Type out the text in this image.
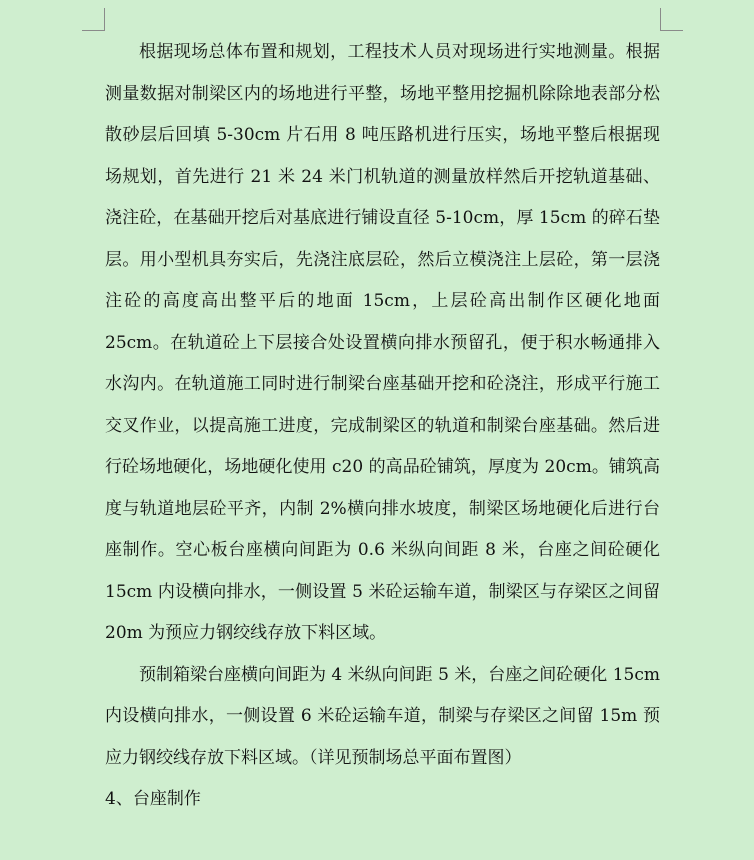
根据现场总体布置和规划，工程技术人员对现场进行实地测量。根据测量数据对制梁区内的场地进行平整，场地平整用挖掘机除除地表部分松散砂层后回填 5-30cm 片石用 8 吨压路机进行压实，场地平整后根据现场规划，首先进行 21 米 24 米门机轨道的测量放样然后开挖轨道基础、浇注砼，在基础开挖后对基底进行铺设直径 5-10cm，厚 15cm 的碎石垫层。用小型机具夯实后，先浇注底层砼，然后立模浇注上层砼，第一层浇注砼的高度高出整平后的地面 15cm，上层砼高出制作区硬化地面 25cm。在轨道砼上下层接合处设置横向排水预留孔，便于积水畅通排入水沟内。在轨道施工同时进行制梁台座基础开挖和砼浇注，形成平行施工交叉作业，以提高施工进度，完成制梁区的轨道和制梁台座基础。然后进行砼场地硬化，场地硬化使用 c20 的高品砼铺筑，厚度为 20cm。铺筑高度与轨道地层砼平齐，内制 2%横向排水坡度，制梁区场地硬化后进行台座制作。空心板台座横向间距为 0.6 米纵向间距 8 米，台座之间砼硬化 15cm 内设横向排水，一侧设置 5 米砼运输车道，制梁区与存梁区之间留 20m 为预应力钢绞线存放下料区域。

预制箱梁台座横向间距为 4 米纵向间距 5 米，台座之间砼硬化 15cm 内设横向排水，一侧设置 6 米砼运输车道，制梁与存梁区之间留 15m 预应力钢绞线存放下料区域。（详见预制场总平面布置图）

4、台座制作
